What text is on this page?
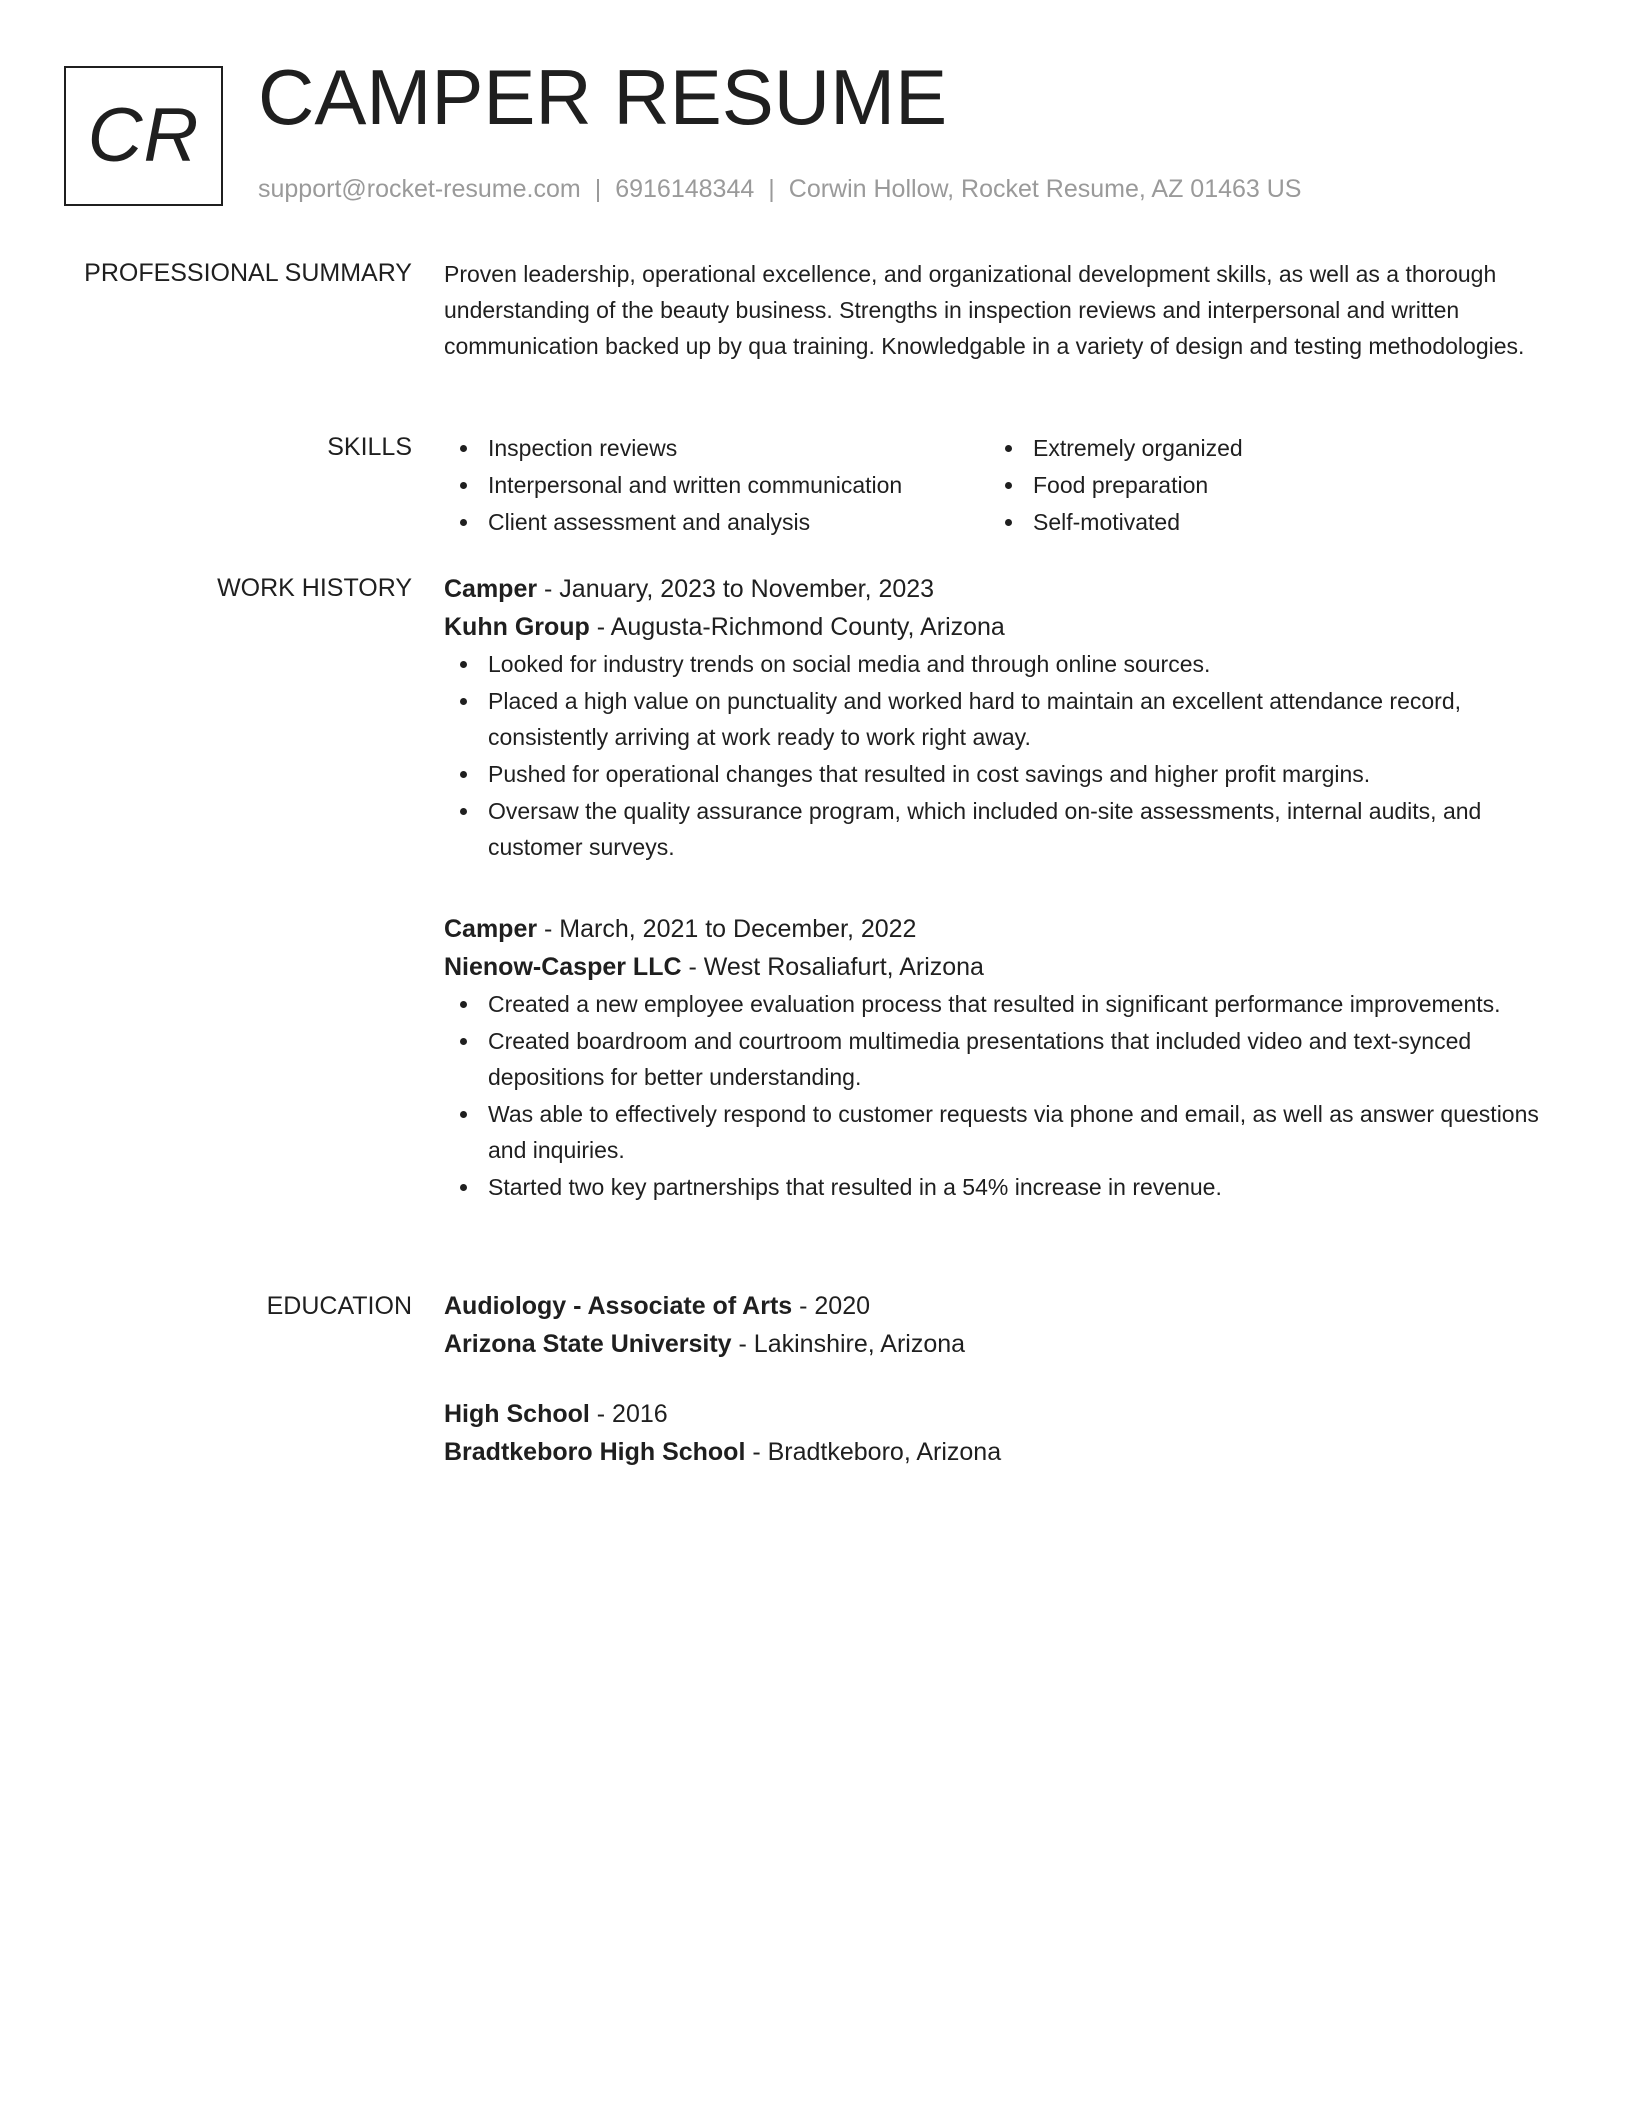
CR CAMPER RESUME
support@rocket-resume.com | 6916148344 | Corwin Hollow, Rocket Resume, AZ 01463 US
PROFESSIONAL SUMMARY Proven leadership, operational excellence, and organizational development skills, as well as a thorough understanding of the beauty business. Strengths in inspection reviews and interpersonal and written communication backed up by qua training. Knowledgable in a variety of design and testing methodologies.

SKILLS	Inspection reviews
Interpersonal and written communication
Client assessment and analysis
Extremely organized
Food preparation
Self-motivated
WORK HISTORY Camper - January, 2023 to November, 2023
Kuhn Group - Augusta-Richmond County, Arizona
Looked for industry trends on social media and through online sources.
Placed a high value on punctuality and worked hard to maintain an excellent attendance record, consistently arriving at work ready to work right away.
Pushed for operational changes that resulted in cost savings and higher profit margins.
Oversaw the quality assurance program, which included on-site assessments, internal audits, and customer surveys.
Camper - March, 2021 to December, 2022
Nienow-Casper LLC - West Rosaliafurt, Arizona
Created a new employee evaluation process that resulted in significant performance improvements.
Created boardroom and courtroom multimedia presentations that included video and text-synced depositions for better understanding.
Was able to effectively respond to customer requests via phone and email, as well as answer questions and inquiries.
Started two key partnerships that resulted in a 54% increase in revenue.
EDUCATION Audiology - Associate of Arts - 2020
Arizona State University - Lakinshire, Arizona
High School - 2016
Bradtkeboro High School - Bradtkeboro, Arizona
